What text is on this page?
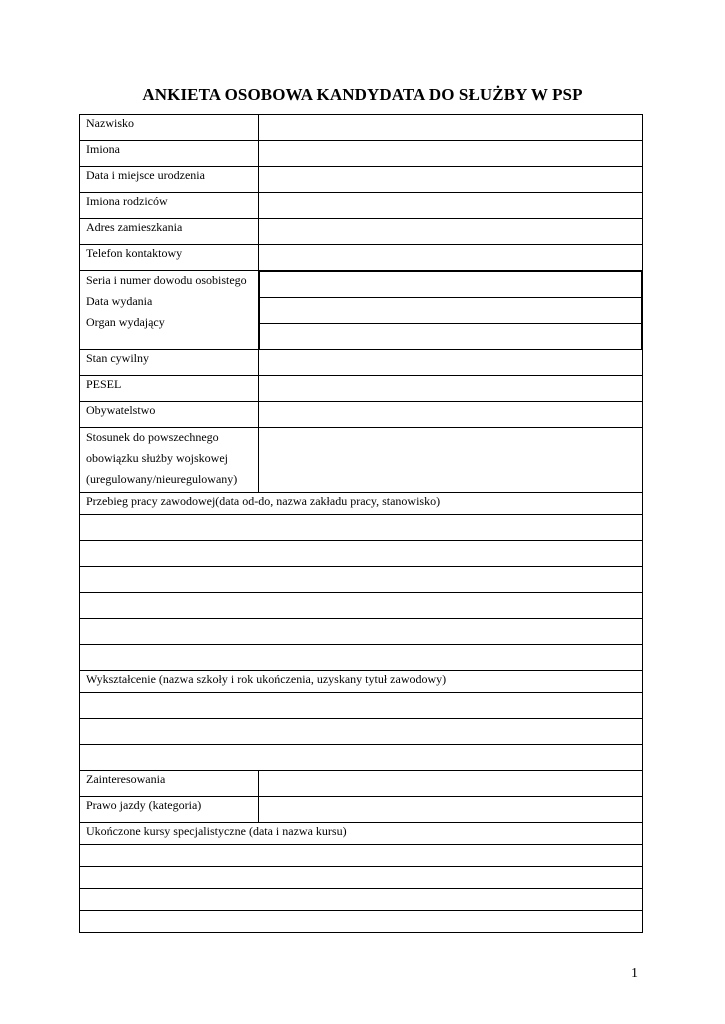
ANKIETA OSOBOWA KANDYDATA DO SŁUŻBY W PSP
Nazwisko	
Imiona	
Data i miejsce urodzenia	
Imiona rodziców	
Adres zamieszkania	
Telefon kontaktowy	

Seria i numer dowodu osobistego
Data wydania
Organ wydający

Stan cywilny	
PESEL	
Obywatelstwo	

Stosunek do powszechnego
obowiązku służby wojskowej
(uregulowany/nieuregulowany)

Przebieg pracy zawodowej(data od-do, nazwa zakładu pracy, stanowisko)

Wykształcenie (nazwa szkoły i rok ukończenia, uzyskany tytuł zawodowy)

Zainteresowania	
Prawo jazdy (kategoria)	
Ukończone kursy specjalistyczne (data i nazwa kursu)

1
